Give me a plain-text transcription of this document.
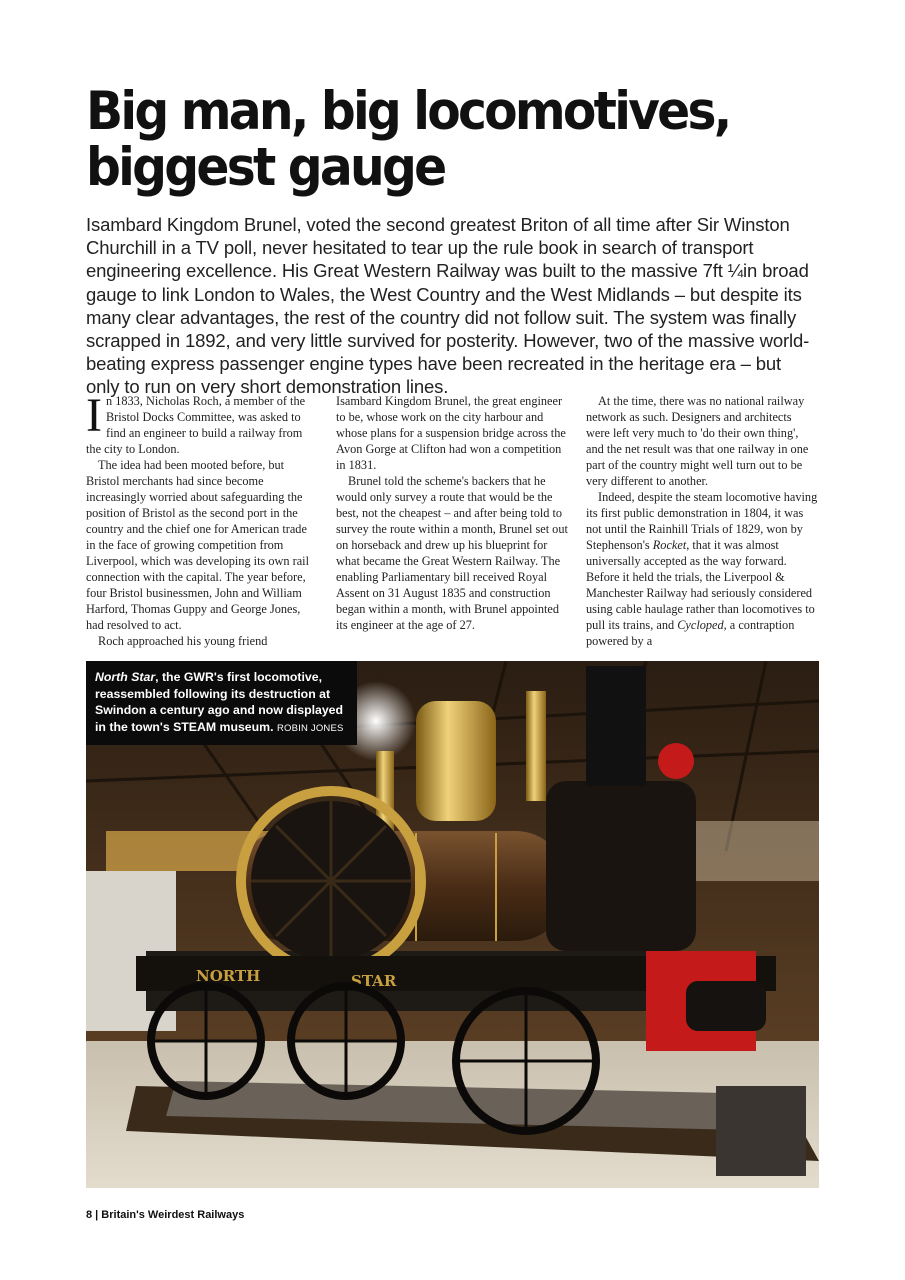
Big man, big locomotives,
biggest gauge

Isambard Kingdom Brunel, voted the second greatest Briton of all time after Sir Winston Churchill in a TV poll, never hesitated to tear up the rule book in search of transport engineering excellence. His Great Western Railway was built to the massive 7ft ¼in broad gauge to link London to Wales, the West Country and the West Midlands – but despite its many clear advantages, the rest of the country did not follow suit. The system was finally scrapped in 1892, and very little survived for posterity. However, two of the massive world-beating express passenger engine types have been recreated in the heritage era – but only to run on very short demonstration lines.

In 1833, Nicholas Roch, a member of the Bristol Docks Committee, was asked to find an engineer to build a railway from the city to London.

The idea had been mooted before, but Bristol merchants had since become increasingly worried about safeguarding the position of Bristol as the second port in the country and the chief one for American trade in the face of growing competition from Liverpool, which was developing its own rail connection with the capital. The year before, four Bristol businessmen, John and William Harford, Thomas Guppy and George Jones, had resolved to act.

Roch approached his young friend

Isambard Kingdom Brunel, the great engineer to be, whose work on the city harbour and whose plans for a suspension bridge across the Avon Gorge at Clifton had won a competition in 1831.

Brunel told the scheme's backers that he would only survey a route that would be the best, not the cheapest – and after being told to survey the route within a month, Brunel set out on horseback and drew up his blueprint for what became the Great Western Railway. The enabling Parliamentary bill received Royal Assent on 31 August 1835 and construction began within a month, with Brunel appointed its engineer at the age of 27.

At the time, there was no national railway network as such. Designers and architects were left very much to 'do their own thing', and the net result was that one railway in one part of the country might well turn out to be very different to another.

Indeed, despite the steam locomotive having its first public demonstration in 1804, it was not until the Rainhill Trials of 1829, won by Stephenson's Rocket, that it was almost universally accepted as the way forward. Before it held the trials, the Liverpool & Manchester Railway had seriously considered using cable haulage rather than locomotives to pull its trains, and Cycloped, a contraption powered by a

NORTH	STAR
North Star, the GWR's first locomotive, reassembled following its destruction at Swindon a century ago and now displayed in the town's STEAM museum. ROBIN JONES
8 | Britain's Weirdest Railways
